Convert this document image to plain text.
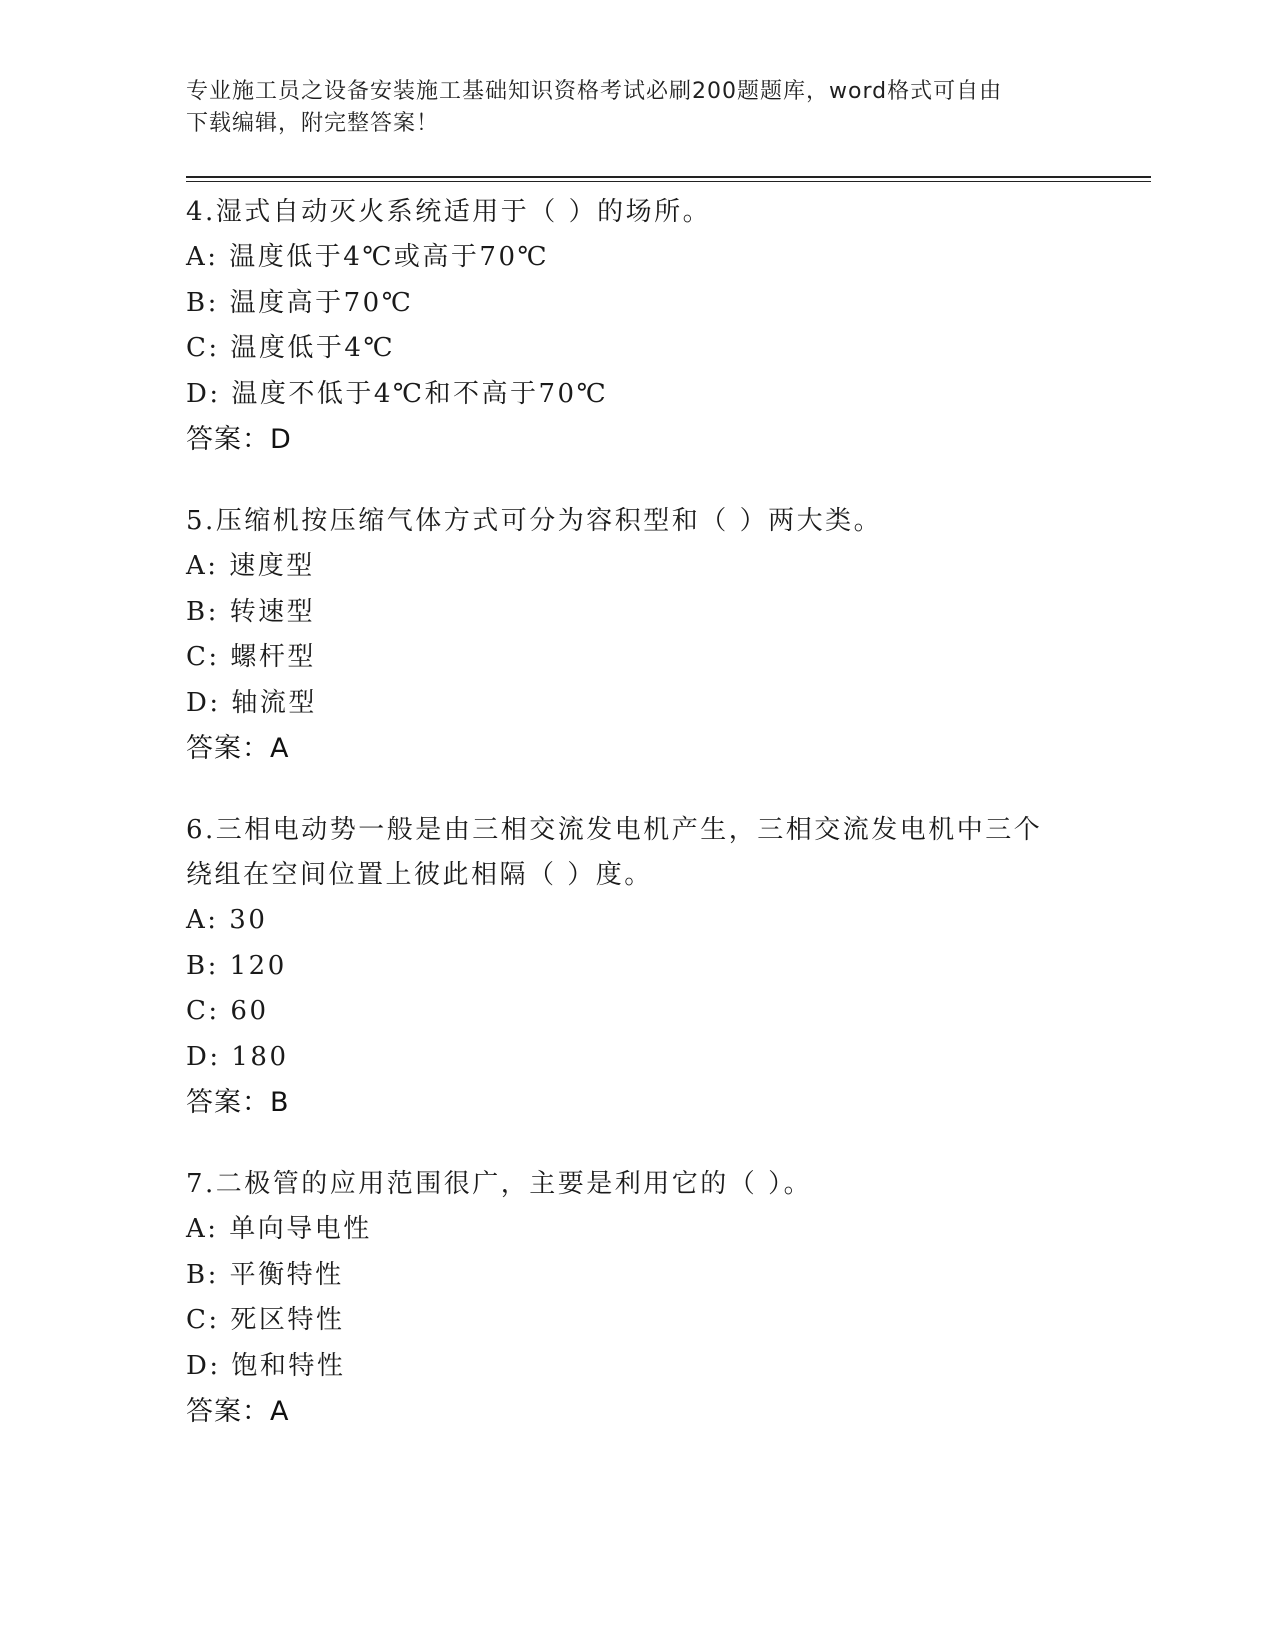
专业施工员之设备安装施工基础知识资格考试必刷200题题库，word格式可自由
下载编辑，附完整答案！
4.湿式自动灭火系统适用于（ ）的场所。
A: 温度低于4℃或高于70℃
B: 温度高于70℃
C: 温度低于4℃
D: 温度不低于4℃和不高于70℃
答案：D
5.压缩机按压缩气体方式可分为容积型和（ ）两大类。
A: 速度型
B: 转速型
C: 螺杆型
D: 轴流型
答案：A
6.三相电动势一般是由三相交流发电机产生，三相交流发电机中三个绕组在空间位置上彼此相隔（ ）度。
A: 30
B: 120
C: 60
D: 180
答案：B
7.二极管的应用范围很广，主要是利用它的（ ）。
A: 单向导电性
B: 平衡特性
C: 死区特性
D: 饱和特性
答案：A
